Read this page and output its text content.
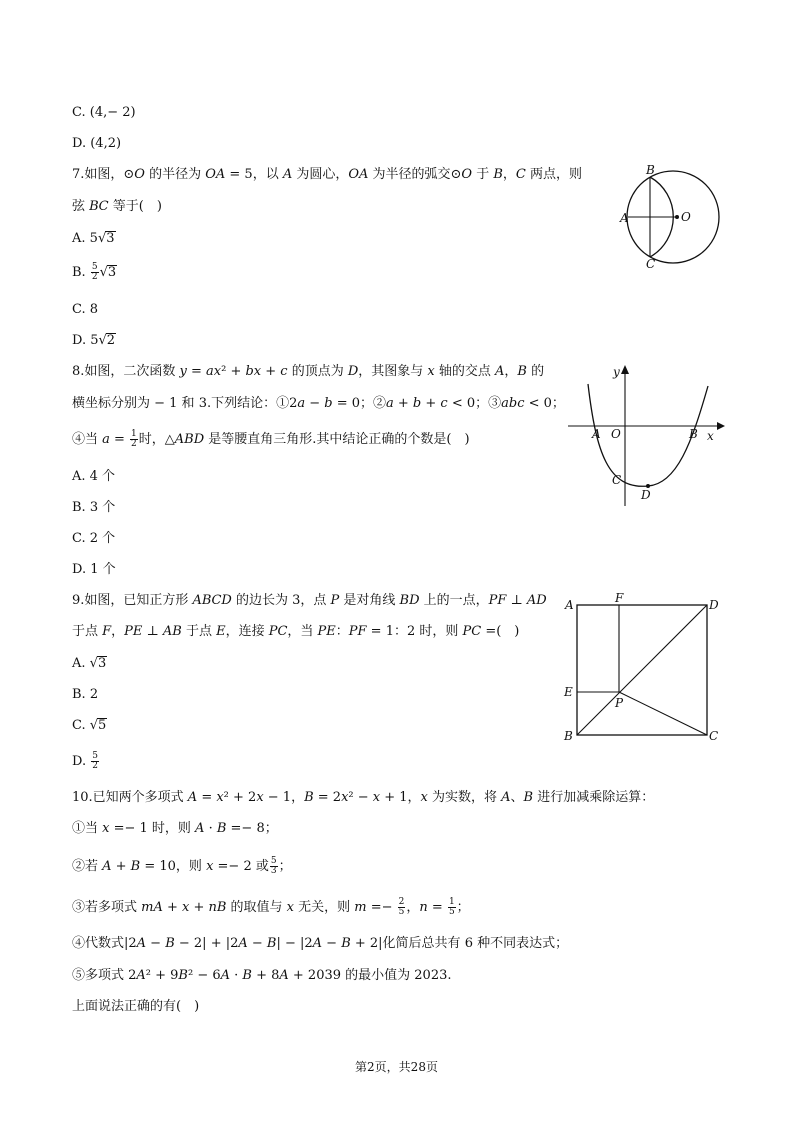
C. (4,− 2)
D. (4,2)
7.如图，⊙𝑂 的半径为 𝑂𝐴 = 5，以 𝐴 为圆心，𝑂𝐴 为半径的弧交⊙𝑂 于 𝐵，𝐶 两点，则
弦 𝐵𝐶 等于(　)
A. 5√3
B. $\frac{5}{2} √3$
C. 8
D. 5√2
B
A	O
C
8.如图，二次函数 𝑦 = 𝑎𝑥² + 𝑏𝑥 + 𝑐 的顶点为 𝐷，其图象与 𝑥 轴的交点 𝐴，𝐵 的
横坐标分别为 − 1 和 3.下列结论：①2𝑎 − 𝑏 = 0；②𝑎 + 𝑏 + 𝑐 < 0；③𝑎𝑏𝑐 < 0；
④当 𝑎 = $\frac{1}{2}$ 时，△𝐴𝐵𝐷 是等腰直角三角形.其中结论正确的个数是(　)
A. 4 个
B. 3 个
C. 2 个
D. 1 个
y
x
A O	B
C
D
9.如图，已知正方形 𝐴𝐵𝐶𝐷 的边长为 3，点 𝑃 是对角线 𝐵𝐷 上的一点，𝑃𝐹 ⊥ 𝐴𝐷
于点 𝐹，𝑃𝐸 ⊥ 𝐴𝐵 于点 𝐸，连接 𝑃𝐶，当 𝑃𝐸：𝑃𝐹 = 1：2 时，则 𝑃𝐶 =(　)
A. √3
B. 2
C. √5
D. $\frac{5}{2}$
A	F	D
E
P
B	C
10.已知两个多项式 𝐴 = 𝑥² + 2𝑥 − 1，𝐵 = 2𝑥² − 𝑥 + 1，𝑥 为实数，将 𝐴、𝐵 进行加减乘除运算：
①当 𝑥 =− 1 时，则 𝐴 · 𝐵 =− 8；
②若 𝐴 + 𝐵 = 10，则 𝑥 =− 2 或 $\frac{5}{3}$ ；
③若多项式 𝑚𝐴 + 𝑥 + 𝑛𝐵 的取值与 𝑥 无关，则 𝑚 =− $\frac{2}{5}$ ，𝑛 = $\frac{1}{5}$ ；
④代数式|2𝐴 − 𝐵 − 2| + |2𝐴 − 𝐵| − |2𝐴 − 𝐵 + 2|化简后总共有 6 种不同表达式；
⑤多项式 2𝐴² + 9𝐵² − 6𝐴 · 𝐵 + 8𝐴 + 2039 的最小值为 2023.
上面说法正确的有(　)
第2页，共28页
